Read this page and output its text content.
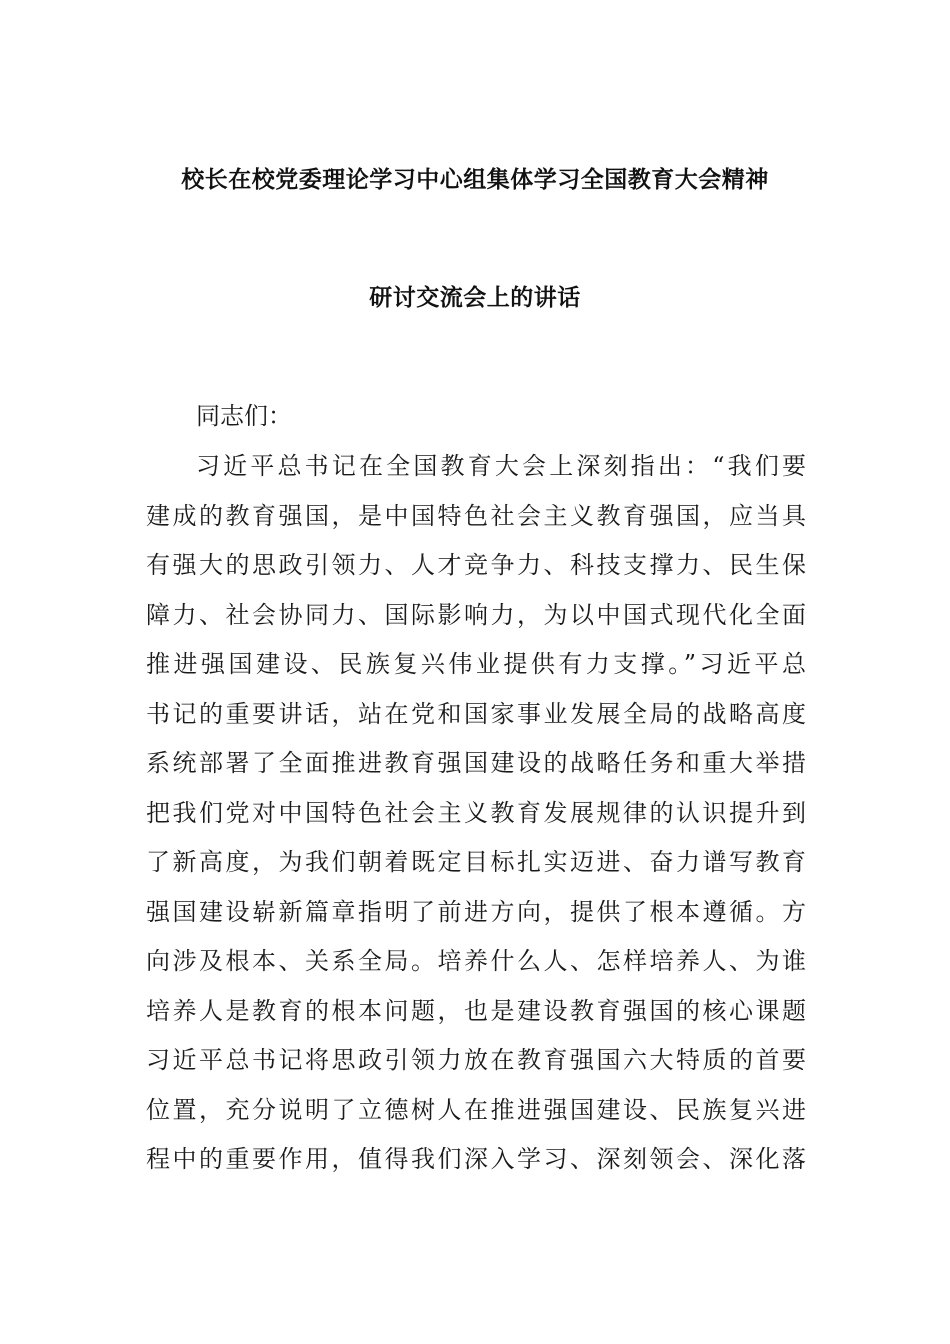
校长在校党委理论学习中心组集体学习全国教育大会精神
研讨交流会上的讲话
同志们：
习近平总书记在全国教育大会上深刻指出：“我们要
建成的教育强国，是中国特色社会主义教育强国，应当具
有强大的思政引领力、人才竞争力、科技支撑力、民生保
障力、社会协同力、国际影响力，为以中国式现代化全面
推进强国建设、民族复兴伟业提供有力支撑。”习近平总
书记的重要讲话，站在党和国家事业发展全局的战略高度
系统部署了全面推进教育强国建设的战略任务和重大举措
把我们党对中国特色社会主义教育发展规律的认识提升到
了新高度，为我们朝着既定目标扎实迈进、奋力谱写教育
强国建设崭新篇章指明了前进方向，提供了根本遵循。方
向涉及根本、关系全局。培养什么人、怎样培养人、为谁
培养人是教育的根本问题，也是建设教育强国的核心课题
习近平总书记将思政引领力放在教育强国六大特质的首要
位置，充分说明了立德树人在推进强国建设、民族复兴进
程中的重要作用，值得我们深入学习、深刻领会、深化落
